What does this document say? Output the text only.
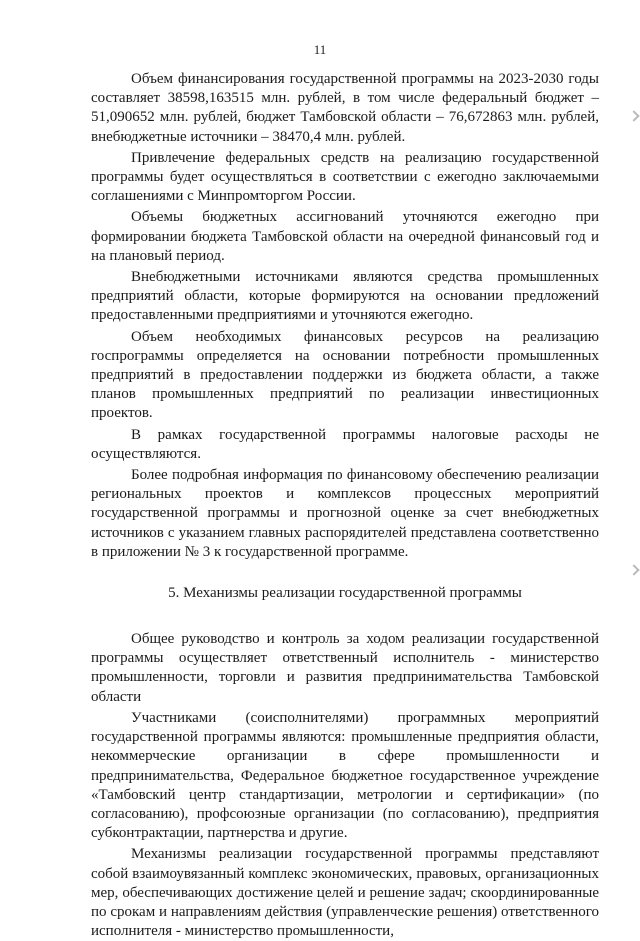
11

Объем финансирования государственной программы на 2023-2030 годы составляет 38598,163515 млн. рублей, в том числе федеральный бюджет – 51,090652 млн. рублей, бюджет Тамбовской области – 76,672863 млн. рублей, внебюджетные источники – 38470,4 млн. рублей.

Привлечение федеральных средств на реализацию государственной программы будет осуществляться в соответствии с ежегодно заключаемыми соглашениями с Минпромторгом России.

Объемы бюджетных ассигнований уточняются ежегодно при формировании бюджета Тамбовской области на очередной финансовый год и на плановый период.

Внебюджетными источниками являются средства промышленных предприятий области, которые формируются на основании предложений предоставленными предприятиями и уточняются ежегодно.

Объем необходимых финансовых ресурсов на реализацию госпрограммы определяется на основании потребности промышленных предприятий в предоставлении поддержки из бюджета области, а также планов промышленных предприятий по реализации инвестиционных проектов.

В рамках государственной программы налоговые расходы не осуществляются.

Более подробная информация по финансовому обеспечению реализации региональных проектов и комплексов процессных мероприятий государственной программы и прогнозной оценке за счет внебюджетных источников с указанием главных распорядителей представлена соответственно в приложении № 3 к государственной программе.

5. Механизмы реализации государственной программы

Общее руководство и контроль за ходом реализации государственной программы осуществляет ответственный исполнитель - министерство промышленности, торговли и развития предпринимательства Тамбовской области

Участниками (соисполнителями) программных мероприятий государственной программы являются: промышленные предприятия области, некоммерческие организации в сфере промышленности и предпринимательства, Федеральное бюджетное государственное учреждение «Тамбовский центр стандартизации, метрологии и сертификации» (по согласованию), профсоюзные организации (по согласованию), предприятия субконтрактации, партнерства и другие.

Механизмы реализации государственной программы представляют собой взаимоувязанный комплекс экономических, правовых, организационных мер, обеспечивающих достижение целей и решение задач; скоординированные по срокам и направлениям действия (управленческие решения) ответственного исполнителя - министерство промышленности,
